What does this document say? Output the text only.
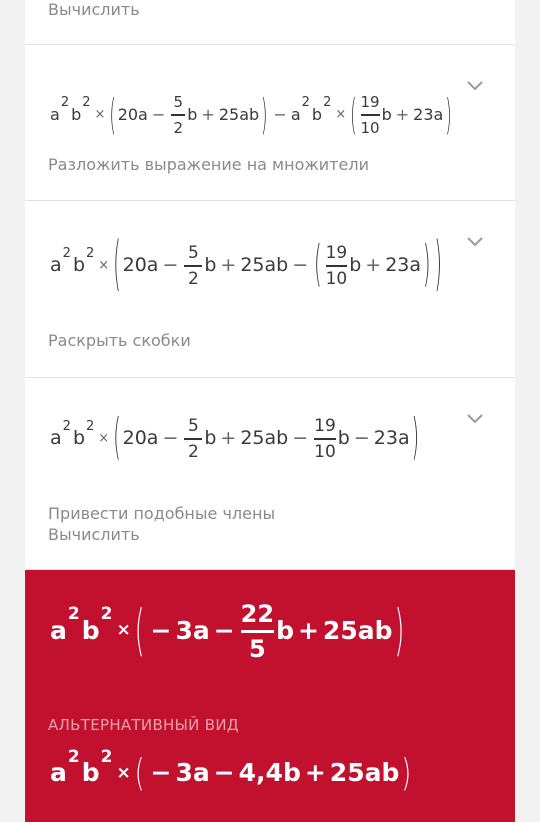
Вычислить
a
2
b
2
× ( $20a - \frac{5}{2}$ b + 25ab ) − a
2
b
2
× ( $\frac{19}{10}$ b + 23a )
Разложить выражение на множители
a
2
b
2
× ( $20a - \frac{5}{2}$ b + 25ab − ( $\frac{19}{10}$ b + 23a ) )
Раскрыть скобки
a
2
b
2
× ( $20a - \frac{5}{2}$ $b + 25ab - \frac{19}{10}$ b − 23a )
Привести подобные члены
Вычислить
a
2
b
2
× ( − $3a - \frac{22}{5}$ b + 25ab )
АЛЬТЕРНАТИВНЫЙ ВИД
a
2
b
2
× ( − 3a − 4,4b + 25ab )
